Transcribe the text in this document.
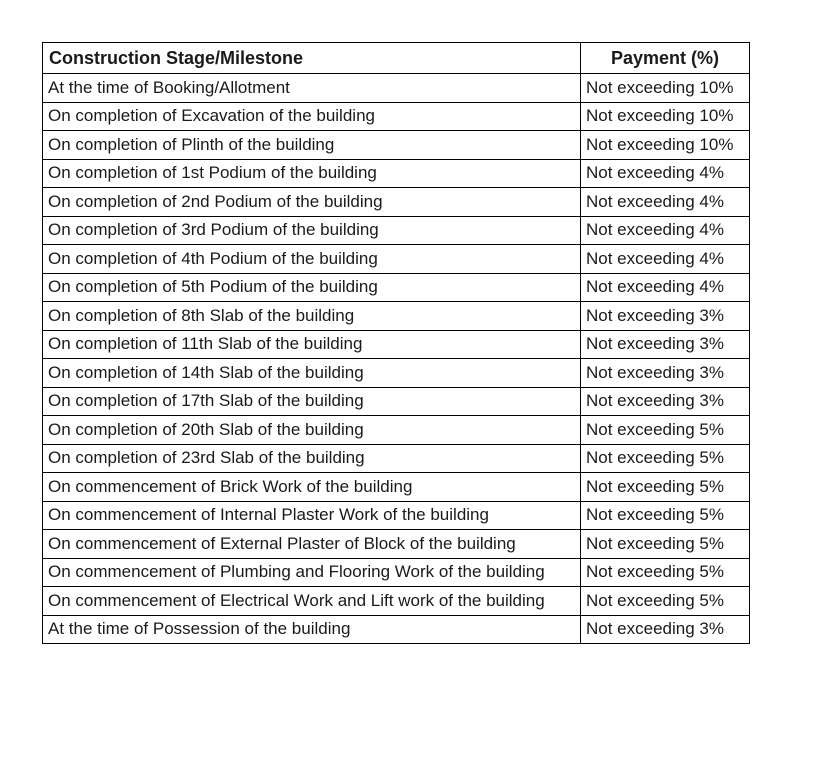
Construction Stage/Milestone	Payment (%)
At the time of Booking/Allotment	Not exceeding 10%
On completion of Excavation of the building	Not exceeding 10%
On completion of Plinth of the building	Not exceeding 10%
On completion of 1st Podium of the building	Not exceeding 4%
On completion of 2nd Podium of the building	Not exceeding 4%
On completion of 3rd Podium of the building	Not exceeding 4%
On completion of 4th Podium of the building	Not exceeding 4%
On completion of 5th Podium of the building	Not exceeding 4%
On completion of 8th Slab of the building	Not exceeding 3%
On completion of 11th Slab of the building	Not exceeding 3%
On completion of 14th Slab of the building	Not exceeding 3%
On completion of 17th Slab of the building	Not exceeding 3%
On completion of 20th Slab of the building	Not exceeding 5%
On completion of 23rd Slab of the building	Not exceeding 5%
On commencement of Brick Work of the building	Not exceeding 5%
On commencement of Internal Plaster Work of the building	Not exceeding 5%
On commencement of External Plaster of Block of the building	Not exceeding 5%
On commencement of Plumbing and Flooring Work of the building	Not exceeding 5%
On commencement of Electrical Work and Lift work of the building	Not exceeding 5%
At the time of Possession of the building	Not exceeding 3%
